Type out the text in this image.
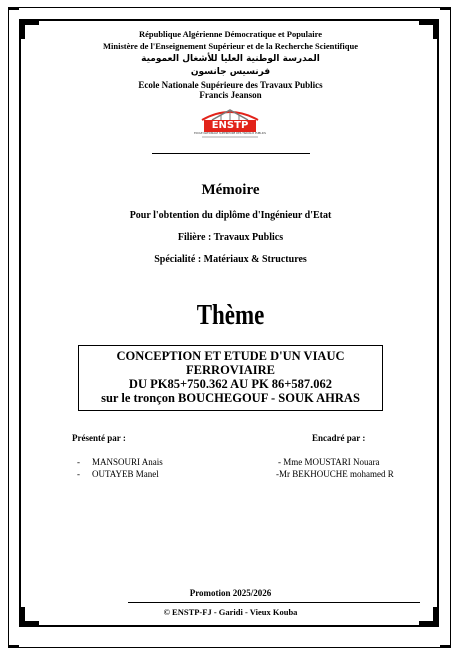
République Algérienne Démocratique et Populaire
Ministère de l'Enseignement Supérieur et de la Recherche Scientifique
المدرسة الوطنية العليا للأشغال العمومية
فرنسيس جانسون
Ecole Nationale Supérieure des Travaux Publics
Francis Jeanson
ENSTP
ÉCOLE NATIONALE SUPÉRIEURE DES TRAVAUX PUBLICS
Mémoire
Pour l'obtention du diplôme d'Ingénieur d'Etat
Filière : Travaux Publics
Spécialité : Matériaux & Structures
Thème
CONCEPTION ET ETUDE D'UN VIAUC
FERROVIAIRE
DU PK85+750.362 AU PK 86+587.062
sur le tronçon BOUCHEGOUF - SOUK AHRAS
Présenté par :	Encadré par :
- MANSOURI Anais
- OUTAYEB Manel
- Mme MOUSTARI Nouara
-Mr BEKHOUCHE mohamed R
Promotion 2025/2026
© ENSTP-FJ - Garidi - Vieux Kouba
